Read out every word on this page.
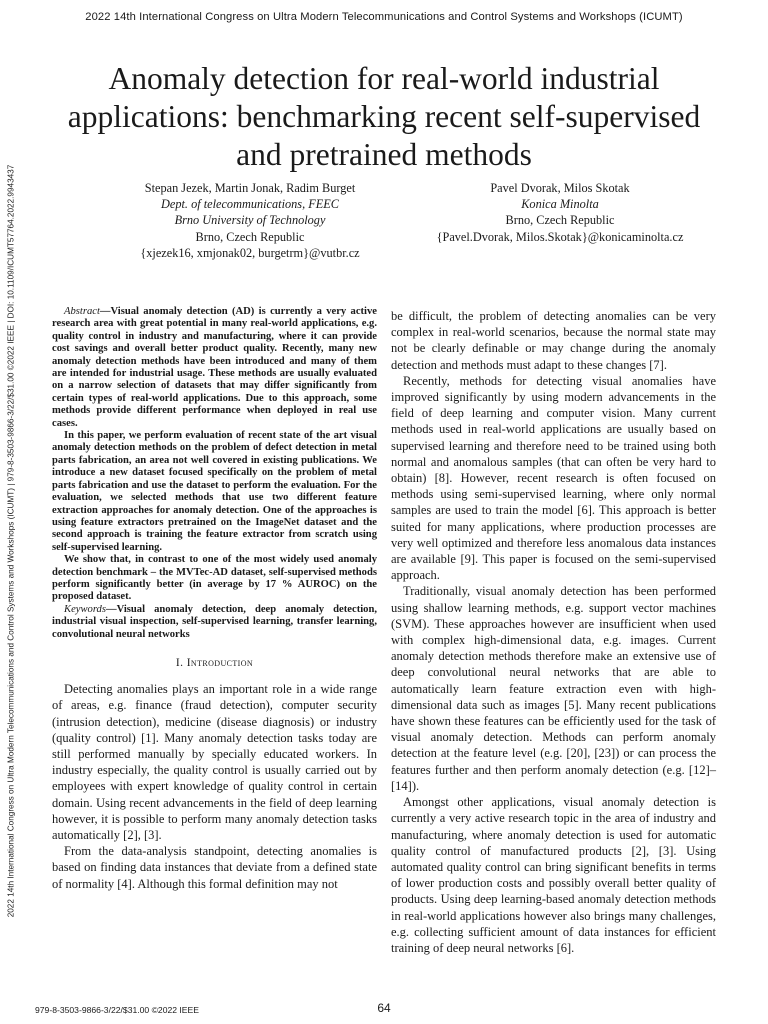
2022 14th International Congress on Ultra Modern Telecommunications and Control Systems and Workshops (ICUMT)
2022 14th International Congress on Ultra Modern Telecommunications and Control Systems and Workshops (ICUMT) | 979-8-3503-9866-3/22/$31.00 ©2022 IEEE | DOI: 10.1109/ICUMT57764.2022.9943437
Anomaly detection for real-world industrial
applications: benchmarking recent self-supervised
and pretrained methods
Stepan Jezek, Martin Jonak, Radim Burget
Dept. of telecommunications, FEEC
Brno University of Technology
Brno, Czech Republic
{xjezek16, xmjonak02, burgetrm}@vutbr.cz
Pavel Dvorak, Milos Skotak
Konica Minolta
Brno, Czech Republic
{Pavel.Dvorak, Milos.Skotak}@konicaminolta.cz

Abstract—Visual anomaly detection (AD) is currently a very active research area with great potential in many real-world applications, e.g. quality control in industry and manufacturing, where it can provide cost savings and overall better product quality. Recently, many new anomaly detection methods have been introduced and many of them are intended for industrial usage. These methods are usually evaluated on a narrow selection of datasets that may differ significantly from certain types of real-world applications. Due to this approach, some methods provide different performance when deployed in real use cases.

In this paper, we perform evaluation of recent state of the art visual anomaly detection methods on the problem of defect detection in metal parts fabrication, an area not well covered in existing publications. We introduce a new dataset focused specifically on the problem of metal parts fabrication and use the dataset to perform the evaluation. For the evaluation, we selected methods that use two different feature extraction approaches for anomaly detection. One of the approaches is using feature extractors pretrained on the ImageNet dataset and the second approach is training the feature extractor from scratch using self-supervised learning.

We show that, in contrast to one of the most widely used anomaly detection benchmark – the MVTec-AD dataset, self-supervised methods perform significantly better (in average by 17 % AUROC) on the proposed dataset.

Keywords—Visual anomaly detection, deep anomaly detection, industrial visual inspection, self-supervised learning, transfer learning, convolutional neural networks

I. Introduction

Detecting anomalies plays an important role in a wide range of areas, e.g. finance (fraud detection), computer security (intrusion detection), medicine (disease diagnosis) or industry (quality control) [1]. Many anomaly detection tasks today are still performed manually by specially educated workers. In industry especially, the quality control is usually carried out by employees with expert knowledge of quality control in certain domain. Using recent advancements in the field of deep learning however, it is possible to perform many anomaly detection tasks automatically [2], [3].

From the data-analysis standpoint, detecting anomalies is based on finding data instances that deviate from a defined state of normality [4]. Although this formal definition may not

be difficult, the problem of detecting anomalies can be very complex in real-world scenarios, because the normal state may not be clearly definable or may change during the anomaly detection and methods must adapt to these changes [7].

Recently, methods for detecting visual anomalies have improved significantly by using modern advancements in the field of deep learning and computer vision. Many current methods used in real-world applications are usually based on supervised learning and therefore need to be trained using both normal and anomalous samples (that can often be very hard to obtain) [8]. However, recent research is often focused on methods using semi-supervised learning, where only normal samples are used to train the model [6]. This approach is better suited for many applications, where production processes are very well optimized and therefore less anomalous data instances are available [9]. This paper is focused on the semi-supervised approach.

Traditionally, visual anomaly detection has been performed using shallow learning methods, e.g. support vector machines (SVM). These approaches however are insufficient when used with complex high-dimensional data, e.g. images. Current anomaly detection methods therefore make an extensive use of deep convolutional neural networks that are able to automatically learn feature extraction even with high-dimensional data such as images [5]. Many recent publications have shown these features can be efficiently used for the task of visual anomaly detection. Methods can perform anomaly detection at the feature level (e.g. [20], [23]) or can process the features further and then perform anomaly detection (e.g. [12]–[14]).

Amongst other applications, visual anomaly detection is currently a very active research topic in the area of industry and manufacturing, where anomaly detection is used for automatic quality control of manufactured products [2], [3]. Using automated quality control can bring significant benefits in terms of lower production costs and possibly overall better quality of products. Using deep learning-based anomaly detection methods in real-world applications however also brings many challenges, e.g. collecting sufficient amount of data instances for efficient training of deep neural networks [6].

979-8-3503-9866-3/22/$31.00 ©2022 IEEE	64
